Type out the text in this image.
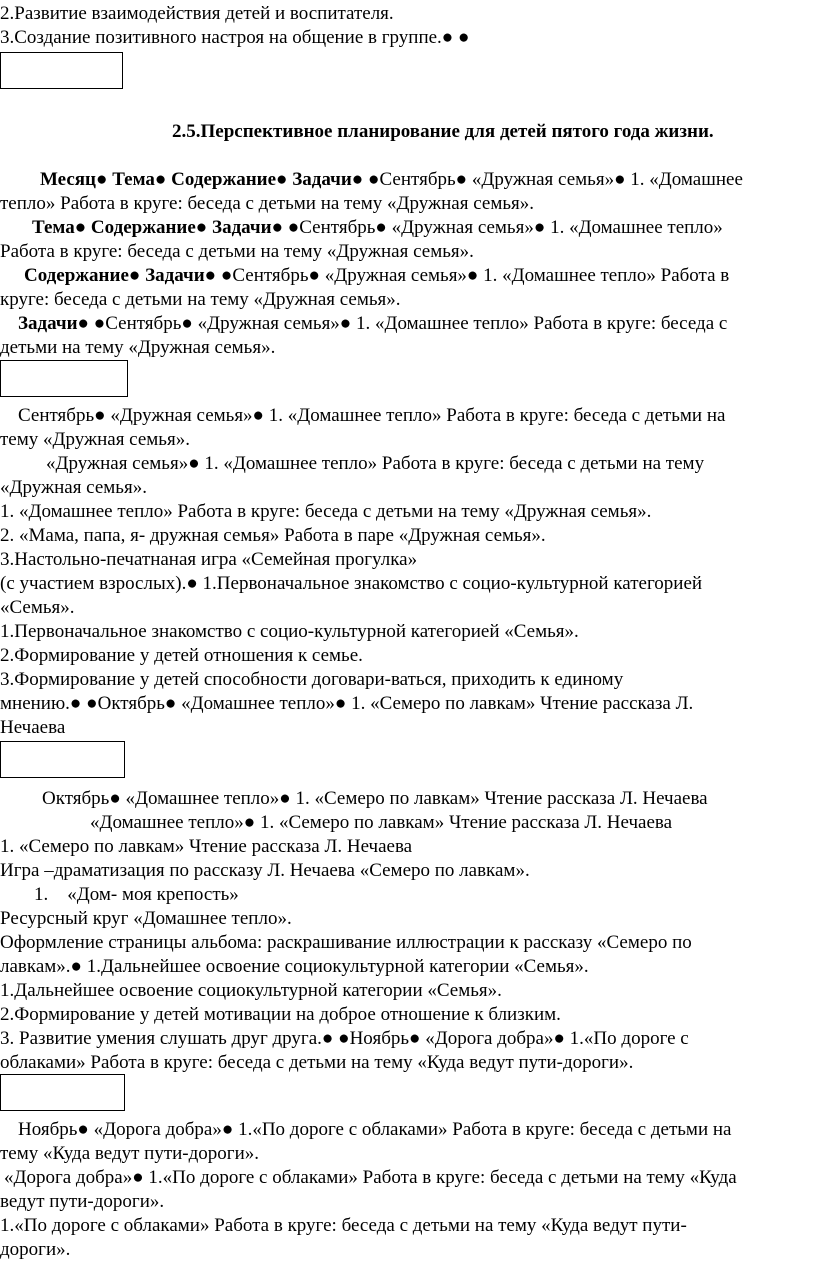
2.Развитие взаимодействия детей и воспитателя.
3.Создание позитивного настроя на общение в группе.● ●
2.5.Перспективное планирование для детей пятого года жизни.
Месяц● Тема● Содержание● Задачи● ●Сентябрь● «Дружная семья»● 1. «Домашнее
тепло» Работа в круге: беседа с детьми на тему «Дружная семья».
Тема● Содержание● Задачи● ●Сентябрь● «Дружная семья»● 1. «Домашнее тепло»
Работа в круге: беседа с детьми на тему «Дружная семья».
Содержание● Задачи● ●Сентябрь● «Дружная семья»● 1. «Домашнее тепло» Работа в
круге: беседа с детьми на тему «Дружная семья».
Задачи● ●Сентябрь● «Дружная семья»● 1. «Домашнее тепло» Работа в круге: беседа с
детьми на тему «Дружная семья».
Сентябрь● «Дружная семья»● 1. «Домашнее тепло» Работа в круге: беседа с детьми на
тему «Дружная семья».
«Дружная семья»● 1. «Домашнее тепло» Работа в круге: беседа с детьми на тему
«Дружная семья».
1. «Домашнее тепло» Работа в круге: беседа с детьми на тему «Дружная семья».
2. «Мама, папа, я- дружная семья» Работа в паре «Дружная семья».
3.Настольно-печатнаная игра «Семейная прогулка»
(с участием взрослых).● 1.Первоначальное знакомство с социо-культурной категорией
«Семья».
1.Первоначальное знакомство с социо-культурной категорией «Семья».
2.Формирование у детей отношения к семье.
3.Формирование у детей способности договари-ваться, приходить к единому
мнению.● ●Октябрь● «Домашнее тепло»● 1. «Семеро по лавкам» Чтение рассказа Л.
Нечаева
Октябрь● «Домашнее тепло»● 1. «Семеро по лавкам» Чтение рассказа Л. Нечаева
«Домашнее тепло»● 1. «Семеро по лавкам» Чтение рассказа Л. Нечаева
1. «Семеро по лавкам» Чтение рассказа Л. Нечаева
Игра –драматизация по рассказу Л. Нечаева «Семеро по лавкам».
1.    «Дом- моя крепость»
Ресурсный круг «Домашнее тепло».
Оформление страницы альбома: раскрашивание иллюстрации к рассказу «Семеро по
лавкам».● 1.Дальнейшее освоение социокультурной категории «Семья».
1.Дальнейшее освоение социокультурной категории «Семья».
2.Формирование у детей мотивации на доброе отношение к близким.
3. Развитие умения слушать друг друга.● ●Ноябрь● «Дорога добра»● 1.«По дороге с
облаками» Работа в круге: беседа с детьми на тему «Куда ведут пути-дороги».
Ноябрь● «Дорога добра»● 1.«По дороге с облаками» Работа в круге: беседа с детьми на
тему «Куда ведут пути-дороги».
«Дорога добра»● 1.«По дороге с облаками» Работа в круге: беседа с детьми на тему «Куда
ведут пути-дороги».
1.«По дороге с облаками» Работа в круге: беседа с детьми на тему «Куда ведут пути-
дороги».
